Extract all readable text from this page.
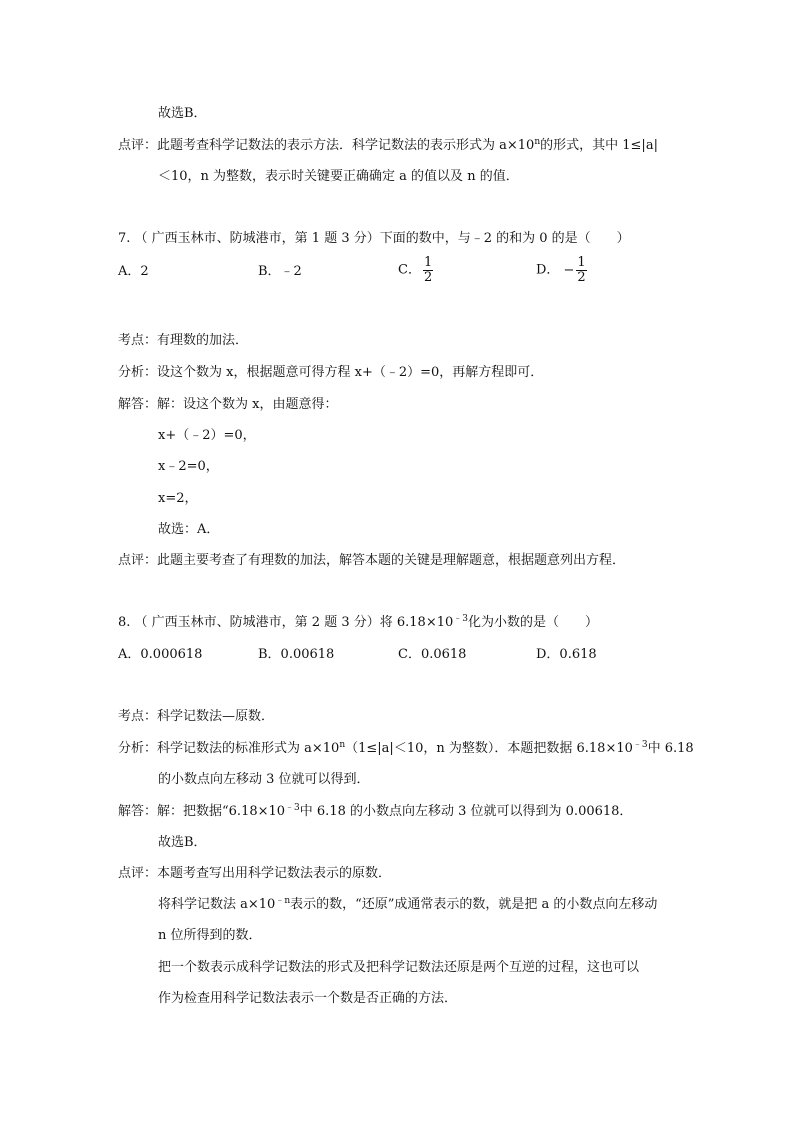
故选B．
点评：此题考查科学记数法的表示方法．科学记数法的表示形式为 $a\times 10^n$的形式，其中 1≤|a|
＜10，n 为整数，表示时关键要正确确定 a 的值以及 n 的值．
7. （ 广西玉林市、防城港市，第 1 题 3 分）下面的数中，与﹣2 的和为 0 的是（　　）
A．2	B．﹣2	C． $\frac{1}{2}$	D． − $\frac{1}{2}$
考点：有理数的加法．
分析：设这个数为 x，根据题意可得方程 x+（﹣2）=0，再解方程即可．
解答：解：设这个数为 x，由题意得：
x+（﹣2）=0，
x﹣2=0，
x=2，
故选：A．
点评：此题主要考查了有理数的加法，解答本题的关键是理解题意，根据题意列出方程．
8. （ 广西玉林市、防城港市，第 2 题 3 分）将 $6.18\times 10^{﹣3}$化为小数的是（　　）
A．0.000618	B．0.00618	C．0.0618	D．0.618
考点：科学记数法—原数．
分析：科学记数法的标准形式为 $a\times 10^n(1\le|a|<10$，n 为整数）．本题把数据 $6.18\times 10^{﹣3}$中 6.18
的小数点向左移动 3 位就可以得到．
解答：解：把数据“$6.18\times 10^{﹣3}$中 6.18 的小数点向左移动 3 位就可以得到为 0.00618．
故选B．
点评：本题考查写出用科学记数法表示的原数．
将科学记数法 $a\times 10^{﹣n}$表示的数，“还原”成通常表示的数，就是把 a 的小数点向左移动
n 位所得到的数．
把一个数表示成科学记数法的形式及把科学记数法还原是两个互逆的过程，这也可以
作为检查用科学记数法表示一个数是否正确的方法．
